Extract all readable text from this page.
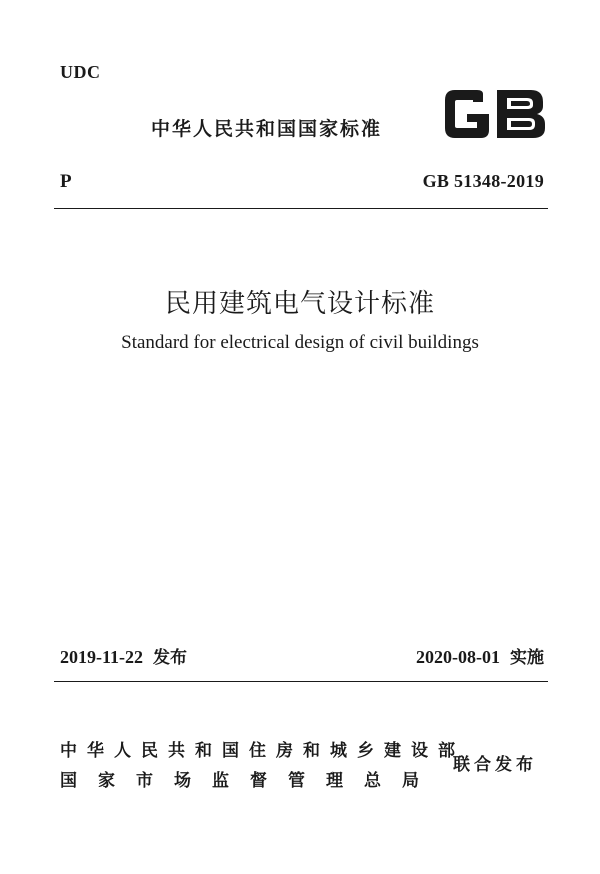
UDC
中华人民共和国国家标准
P	GB 51348-2019
民用建筑电气设计标准
Standard for electrical design of civil buildings
2019-11-22 发布	2020-08-01 实施
中华人民共和国住房和城乡建设部
国家市场监督管理总局
联合发布
